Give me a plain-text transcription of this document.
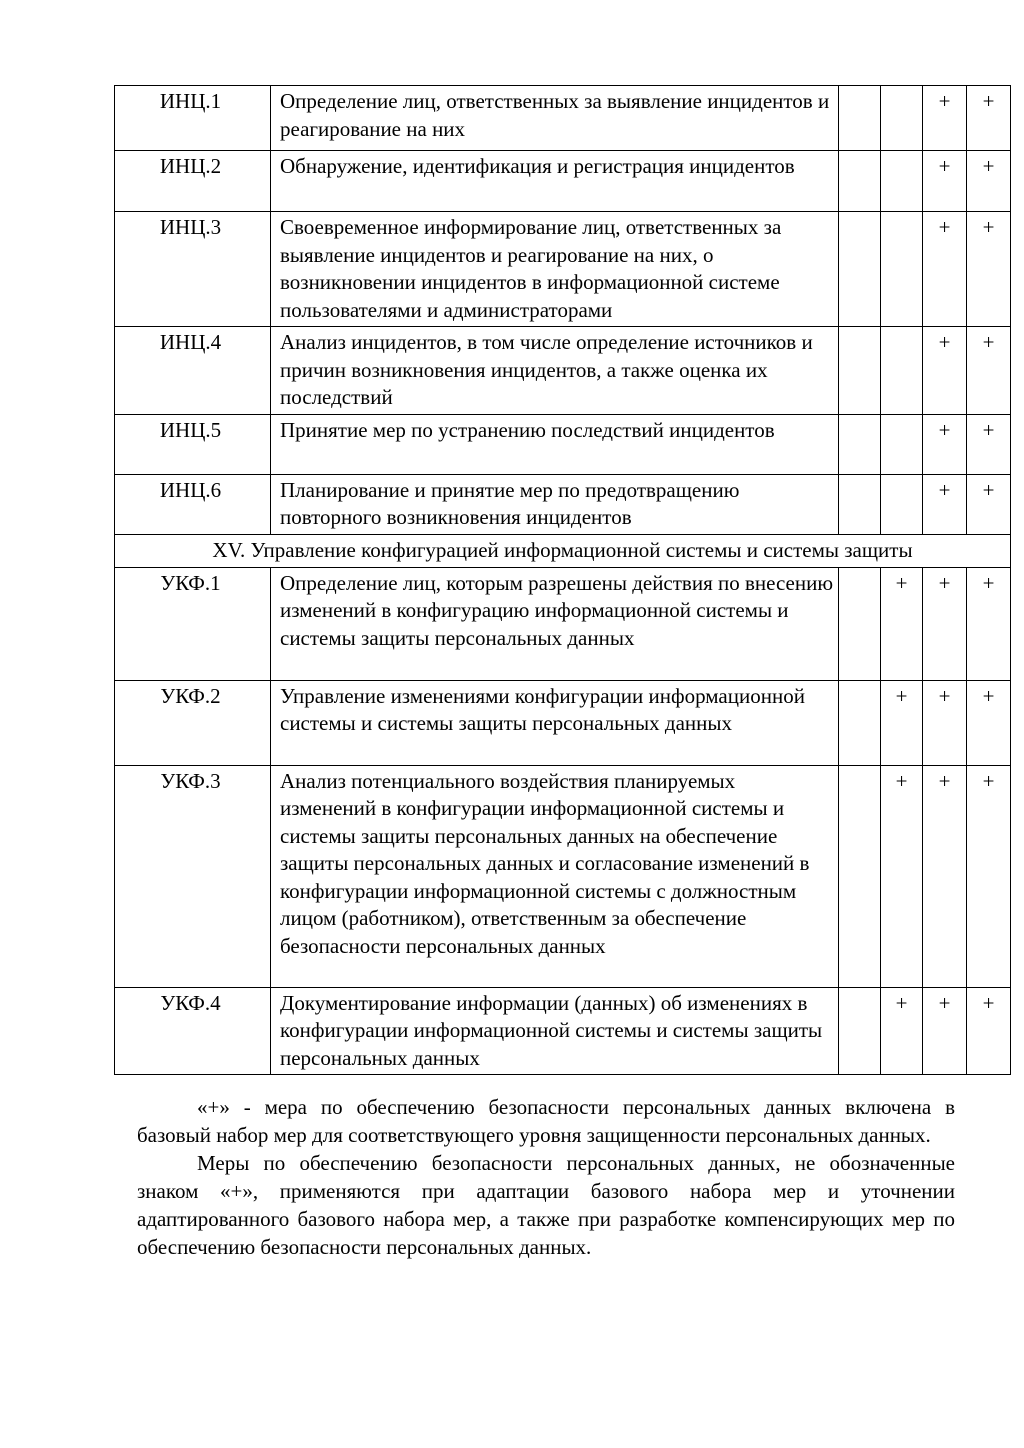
ИНЦ.1	Определение лиц, ответственных за выявление инцидентов и реагирование на них			+	+
ИНЦ.2	Обнаружение, идентификация и регистрация инцидентов			+	+
ИНЦ.3	Своевременное информирование лиц, ответственных за выявление инцидентов и реагирование на них, о возникновении инцидентов в информационной системе пользователями и администраторами			+	+
ИНЦ.4	Анализ инцидентов, в том числе определение источников и причин возникновения инцидентов, а также оценка их последствий			+	+
ИНЦ.5	Принятие мер по устранению последствий инцидентов			+	+
ИНЦ.6	Планирование и принятие мер по предотвращению повторного возникновения инцидентов			+	+
XV. Управление конфигурацией информационной системы и системы защиты					
УКФ.1	Определение лиц, которым разрешены действия по внесению изменений в конфигурацию информационной системы и системы защиты персональных данных		+	+	+
УКФ.2	Управление изменениями конфигурации информационной системы и системы защиты персональных данных		+	+	+
УКФ.3	Анализ потенциального воздействия планируемых изменений в конфигурации информационной системы и системы защиты персональных данных на обеспечение защиты персональных данных и согласование изменений в конфигурации информационной системы с должностным лицом (работником), ответственным за обеспечение безопасности персональных данных		+	+	+
УКФ.4	Документирование информации (данных) об изменениях в конфигурации информационной системы и системы защиты персональных данных		+	+	+

«+» - мера по обеспечению безопасности персональных данных включена в базовый набор мер для соответствующего уровня защищенности персональных данных.

Меры по обеспечению безопасности персональных данных, не обозначенные знаком «+», применяются при адаптации базового набора мер и уточнении адаптированного базового набора мер, а также при разработке компенсирующих мер по обеспечению безопасности персональных данных.
